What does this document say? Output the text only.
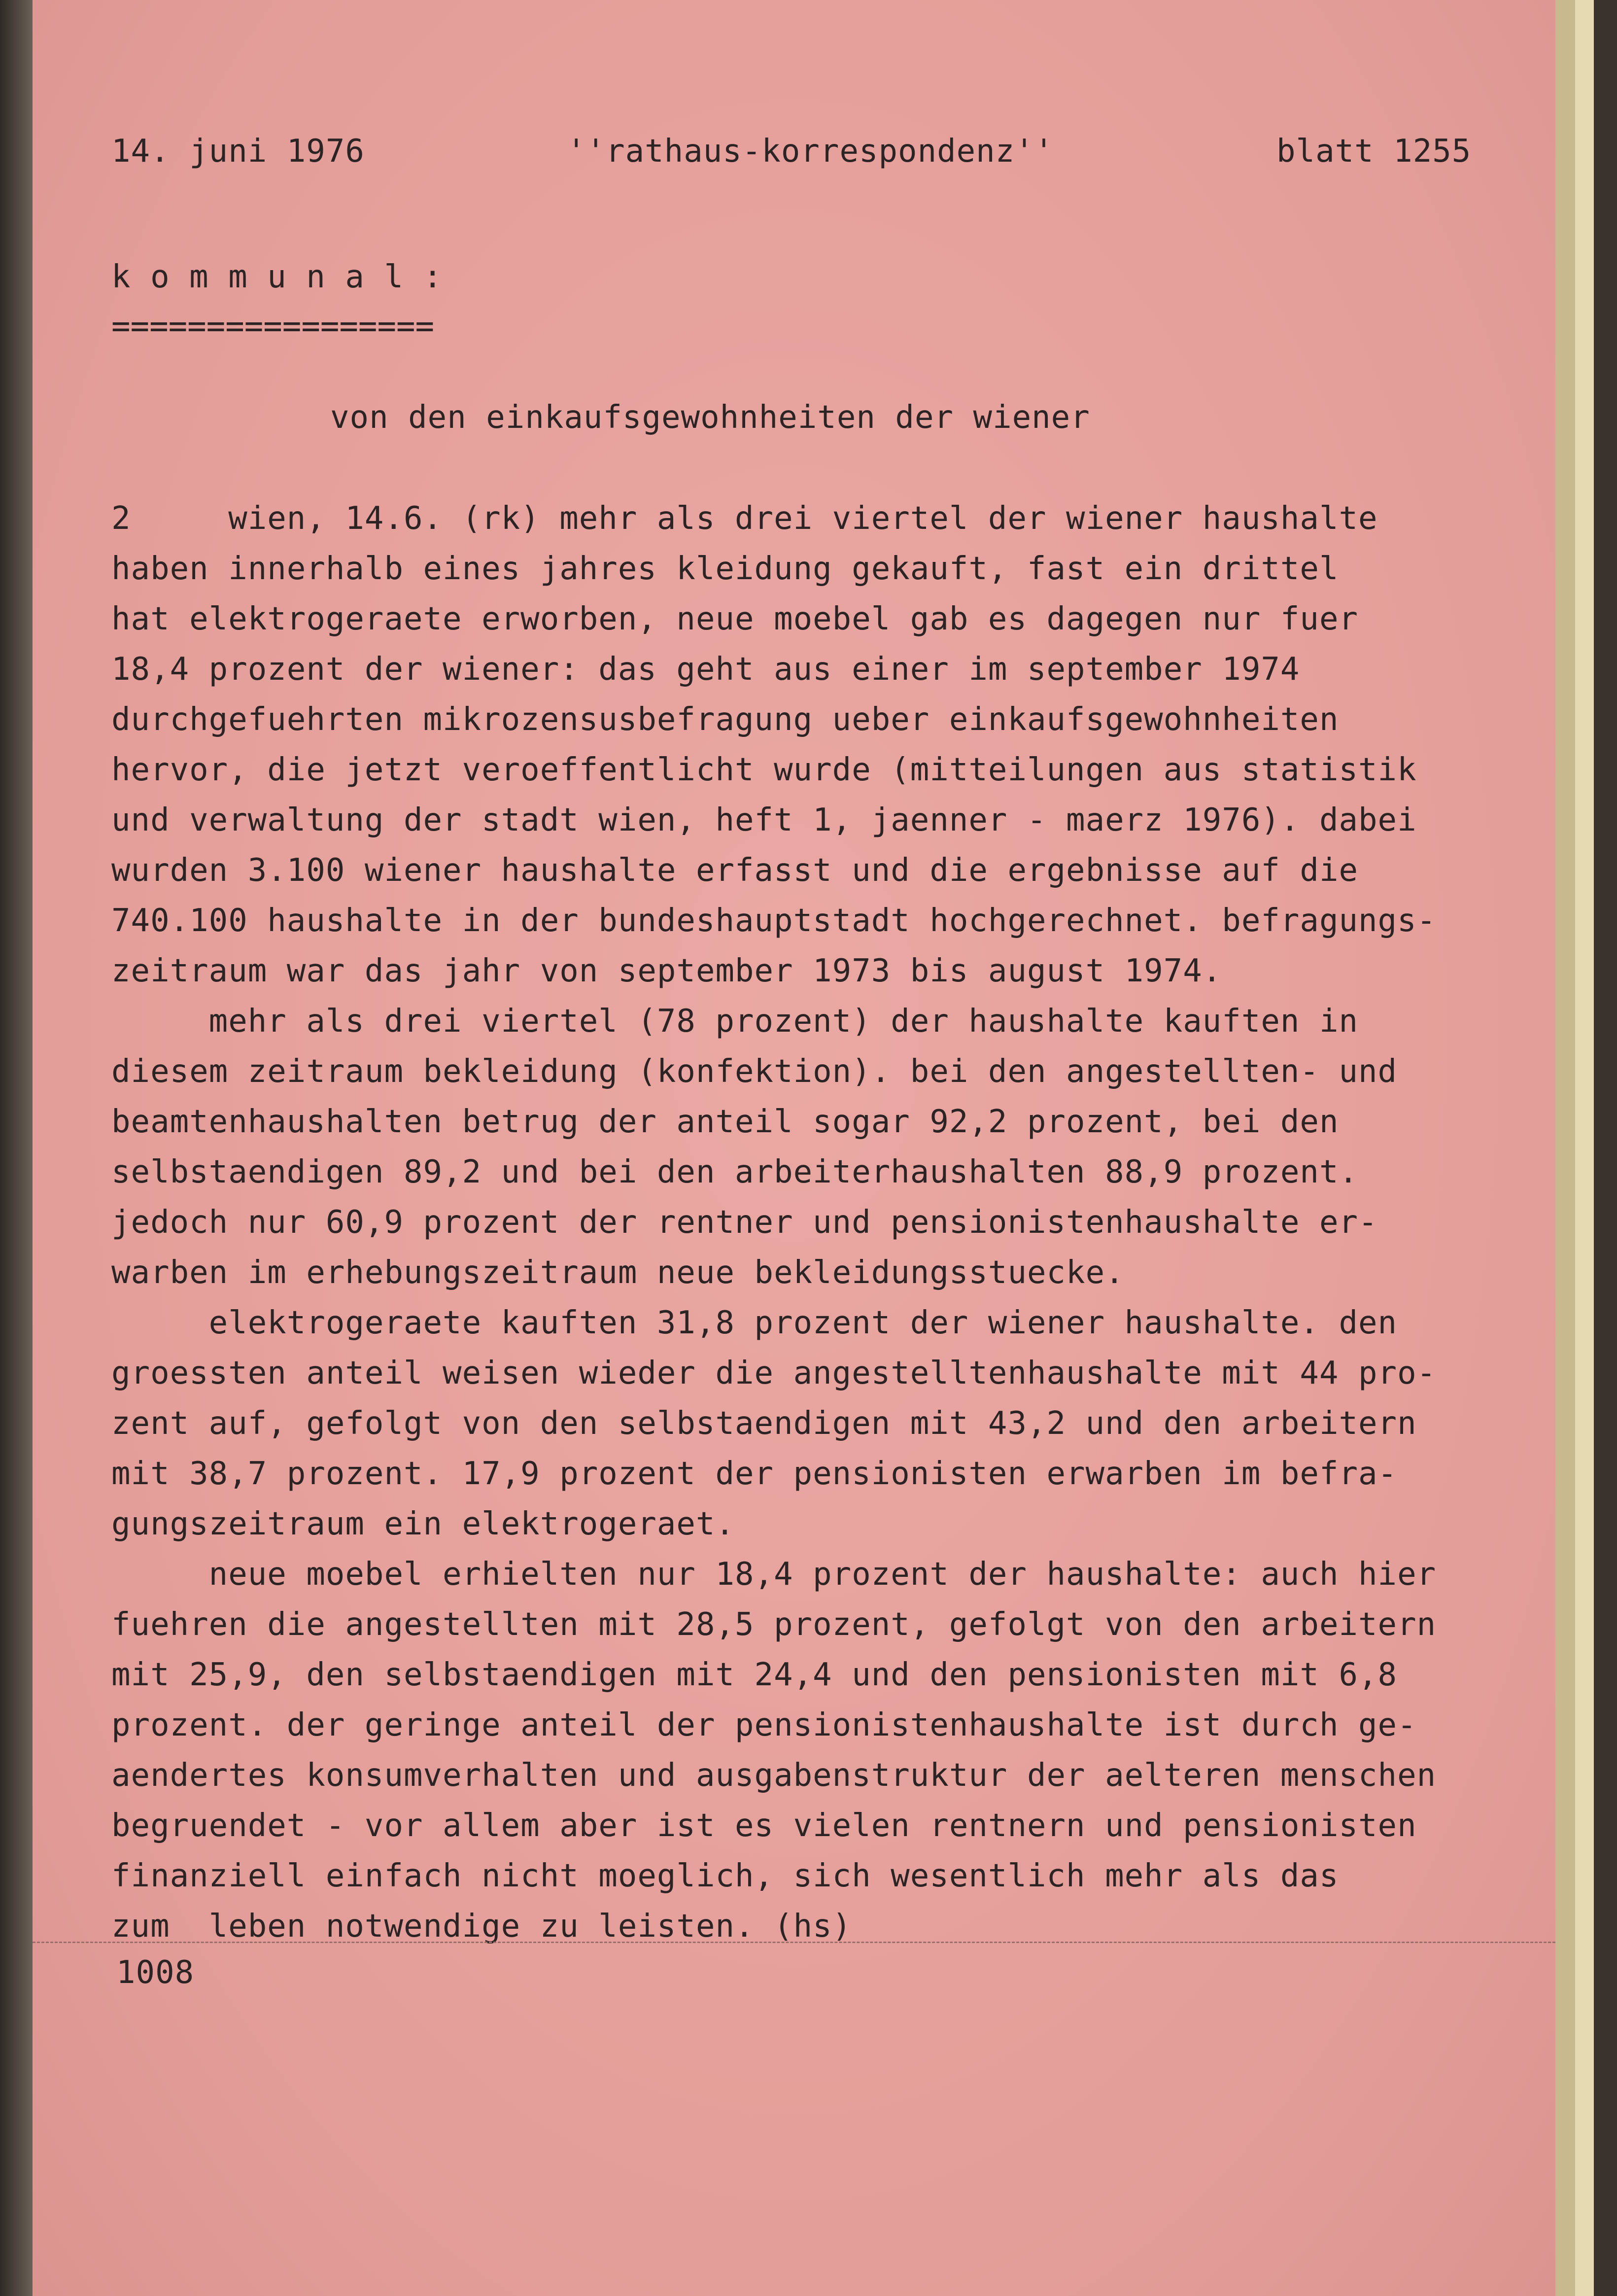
14. juni 1976	''rathaus-korrespondenz''	blatt 1255
k o m m u n a l :
=================
von den einkaufsgewohnheiten der wiener
2     wien, 14.6. (rk) mehr als drei viertel der wiener haushalte
haben innerhalb eines jahres kleidung gekauft, fast ein drittel
hat elektrogeraete erworben, neue moebel gab es dagegen nur fuer
18,4 prozent der wiener: das geht aus einer im september 1974
durchgefuehrten mikrozensusbefragung ueber einkaufsgewohnheiten
hervor, die jetzt veroeffentlicht wurde (mitteilungen aus statistik
und verwaltung der stadt wien, heft 1, jaenner - maerz 1976). dabei
wurden 3.100 wiener haushalte erfasst und die ergebnisse auf die
740.100 haushalte in der bundeshauptstadt hochgerechnet. befragungs-
zeitraum war das jahr von september 1973 bis august 1974.
mehr als drei viertel (78 prozent) der haushalte kauften in
diesem zeitraum bekleidung (konfektion). bei den angestellten- und
beamtenhaushalten betrug der anteil sogar 92,2 prozent, bei den
selbstaendigen 89,2 und bei den arbeiterhaushalten 88,9 prozent.
jedoch nur 60,9 prozent der rentner und pensionistenhaushalte er-
warben im erhebungszeitraum neue bekleidungsstuecke.
elektrogeraete kauften 31,8 prozent der wiener haushalte. den
groessten anteil weisen wieder die angestelltenhaushalte mit 44 pro-
zent auf, gefolgt von den selbstaendigen mit 43,2 und den arbeitern
mit 38,7 prozent. 17,9 prozent der pensionisten erwarben im befra-
gungszeitraum ein elektrogeraet.
neue moebel erhielten nur 18,4 prozent der haushalte: auch hier
fuehren die angestellten mit 28,5 prozent, gefolgt von den arbeitern
mit 25,9, den selbstaendigen mit 24,4 und den pensionisten mit 6,8
prozent. der geringe anteil der pensionistenhaushalte ist durch ge-
aendertes konsumverhalten und ausgabenstruktur der aelteren menschen
begruendet - vor allem aber ist es vielen rentnern und pensionisten
finanziell einfach nicht moeglich, sich wesentlich mehr als das
zum  leben notwendige zu leisten. (hs)
1008
